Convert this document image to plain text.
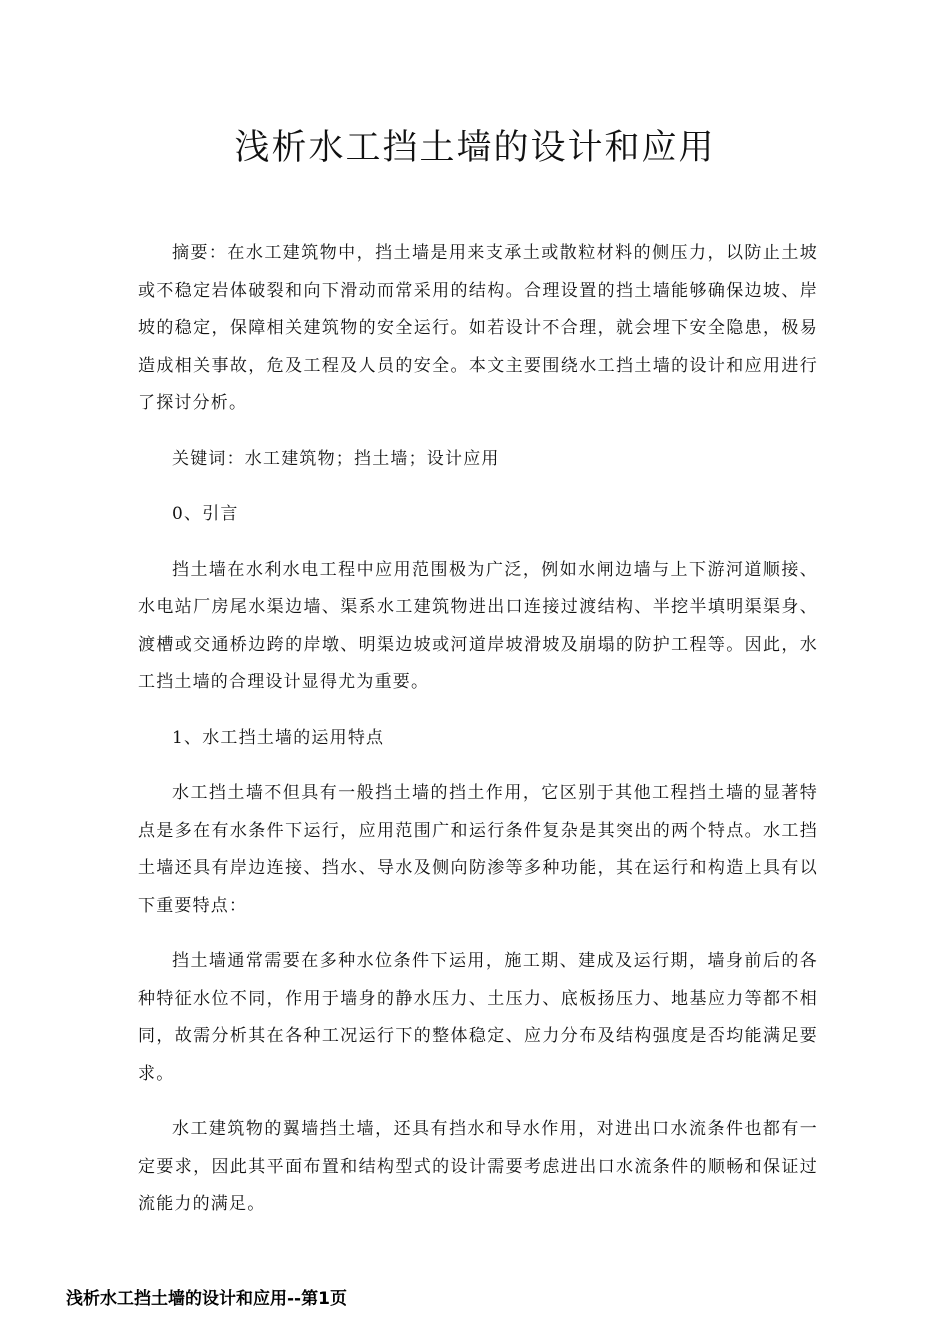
浅析水工挡土墙的设计和应用

摘要：在水工建筑物中，挡土墙是用来支承土或散粒材料的侧压力，以防止土坡或不稳定岩体破裂和向下滑动而常采用的结构。合理设置的挡土墙能够确保边坡、岸坡的稳定，保障相关建筑物的安全运行。如若设计不合理，就会埋下安全隐患，极易造成相关事故，危及工程及人员的安全。本文主要围绕水工挡土墙的设计和应用进行了探讨分析。

关键词：水工建筑物；挡土墙；设计应用

0、引言

挡土墙在水利水电工程中应用范围极为广泛，例如水闸边墙与上下游河道顺接、水电站厂房尾水渠边墙、渠系水工建筑物进出口连接过渡结构、半挖半填明渠渠身、渡槽或交通桥边跨的岸墩、明渠边坡或河道岸坡滑坡及崩塌的防护工程等。因此，水工挡土墙的合理设计显得尤为重要。

1、水工挡土墙的运用特点

水工挡土墙不但具有一般挡土墙的挡土作用，它区别于其他工程挡土墙的显著特点是多在有水条件下运行，应用范围广和运行条件复杂是其突出的两个特点。水工挡土墙还具有岸边连接、挡水、导水及侧向防渗等多种功能，其在运行和构造上具有以下重要特点：

挡土墙通常需要在多种水位条件下运用，施工期、建成及运行期，墙身前后的各种特征水位不同，作用于墙身的静水压力、土压力、底板扬压力、地基应力等都不相同，故需分析其在各种工况运行下的整体稳定、应力分布及结构强度是否均能满足要求。

水工建筑物的翼墙挡土墙，还具有挡水和导水作用，对进出口水流条件也都有一定要求，因此其平面布置和结构型式的设计需要考虑进出口水流条件的顺畅和保证过流能力的满足。

浅析水工挡土墙的设计和应用--第1页
